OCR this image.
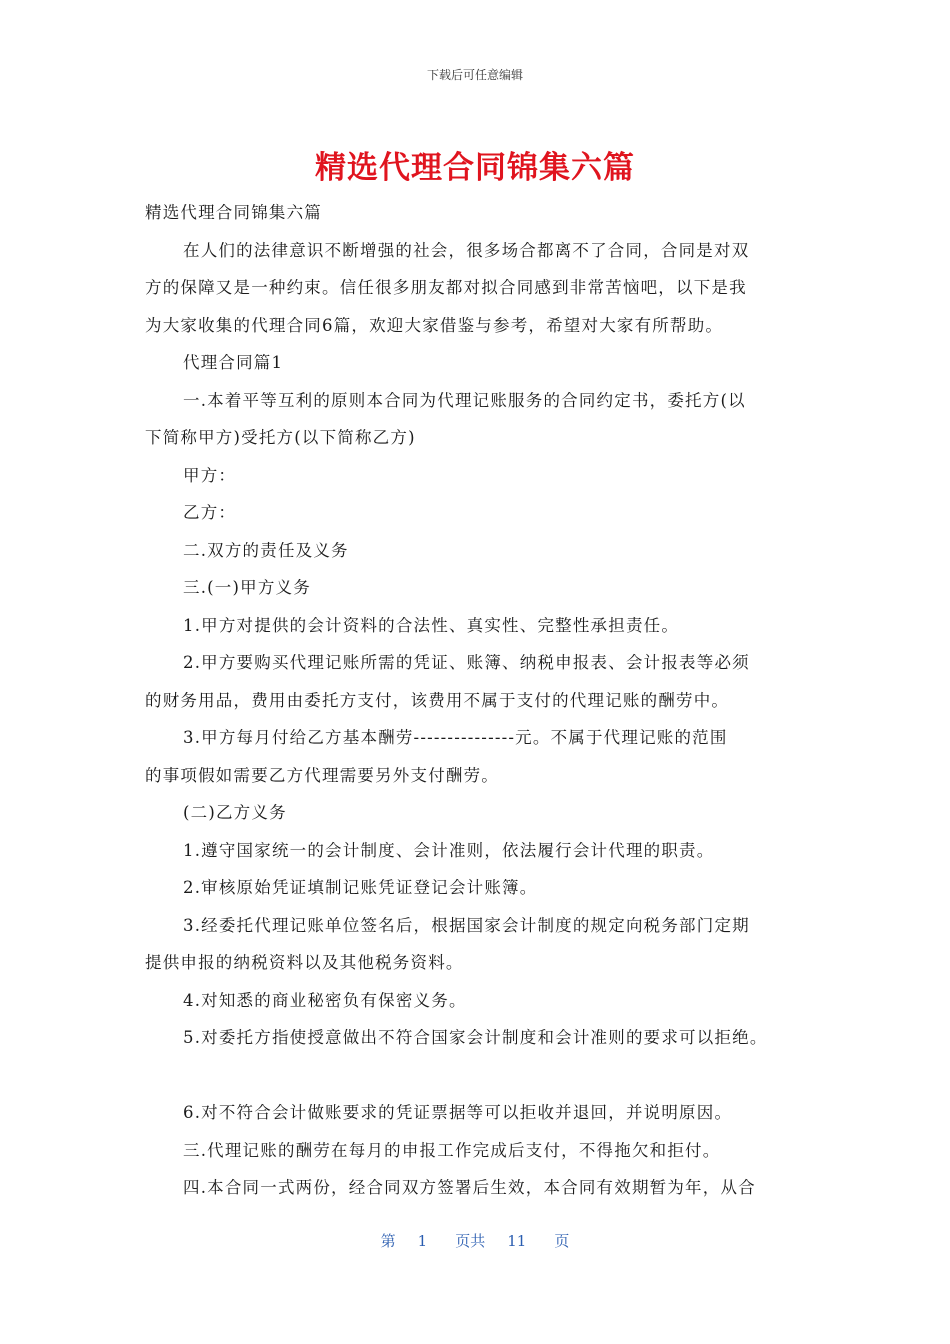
下载后可任意编辑
精选代理合同锦集六篇
精选代理合同锦集六篇
在人们的法律意识不断增强的社会，很多场合都离不了合同，合同是对双
方的保障又是一种约束。信任很多朋友都对拟合同感到非常苦恼吧，以下是我
为大家收集的代理合同6篇，欢迎大家借鉴与参考，希望对大家有所帮助。
代理合同篇1
一.本着平等互利的原则本合同为代理记账服务的合同约定书，委托方(以
下简称甲方)受托方(以下简称乙方)
甲方：
乙方：
二.双方的责任及义务
三.(一)甲方义务
1.甲方对提供的会计资料的合法性、真实性、完整性承担责任。
2.甲方要购买代理记账所需的凭证、账簿、纳税申报表、会计报表等必须
的财务用品，费用由委托方支付，该费用不属于支付的代理记账的酬劳中。
3.甲方每月付给乙方基本酬劳---------------元。不属于代理记账的范围
的事项假如需要乙方代理需要另外支付酬劳。
(二)乙方义务
1.遵守国家统一的会计制度、会计准则，依法履行会计代理的职责。
2.审核原始凭证填制记账凭证登记会计账簿。
3.经委托代理记账单位签名后，根据国家会计制度的规定向税务部门定期
提供申报的纳税资料以及其他税务资料。
4.对知悉的商业秘密负有保密义务。
5.对委托方指使授意做出不符合国家会计制度和会计准则的要求可以拒绝。
6.对不符合会计做账要求的凭证票据等可以拒收并退回，并说明原因。
三.代理记账的酬劳在每月的申报工作完成后支付，不得拖欠和拒付。
四.本合同一式两份，经合同双方签署后生效，本合同有效期暂为年，从合
第 1 页共 11 页
